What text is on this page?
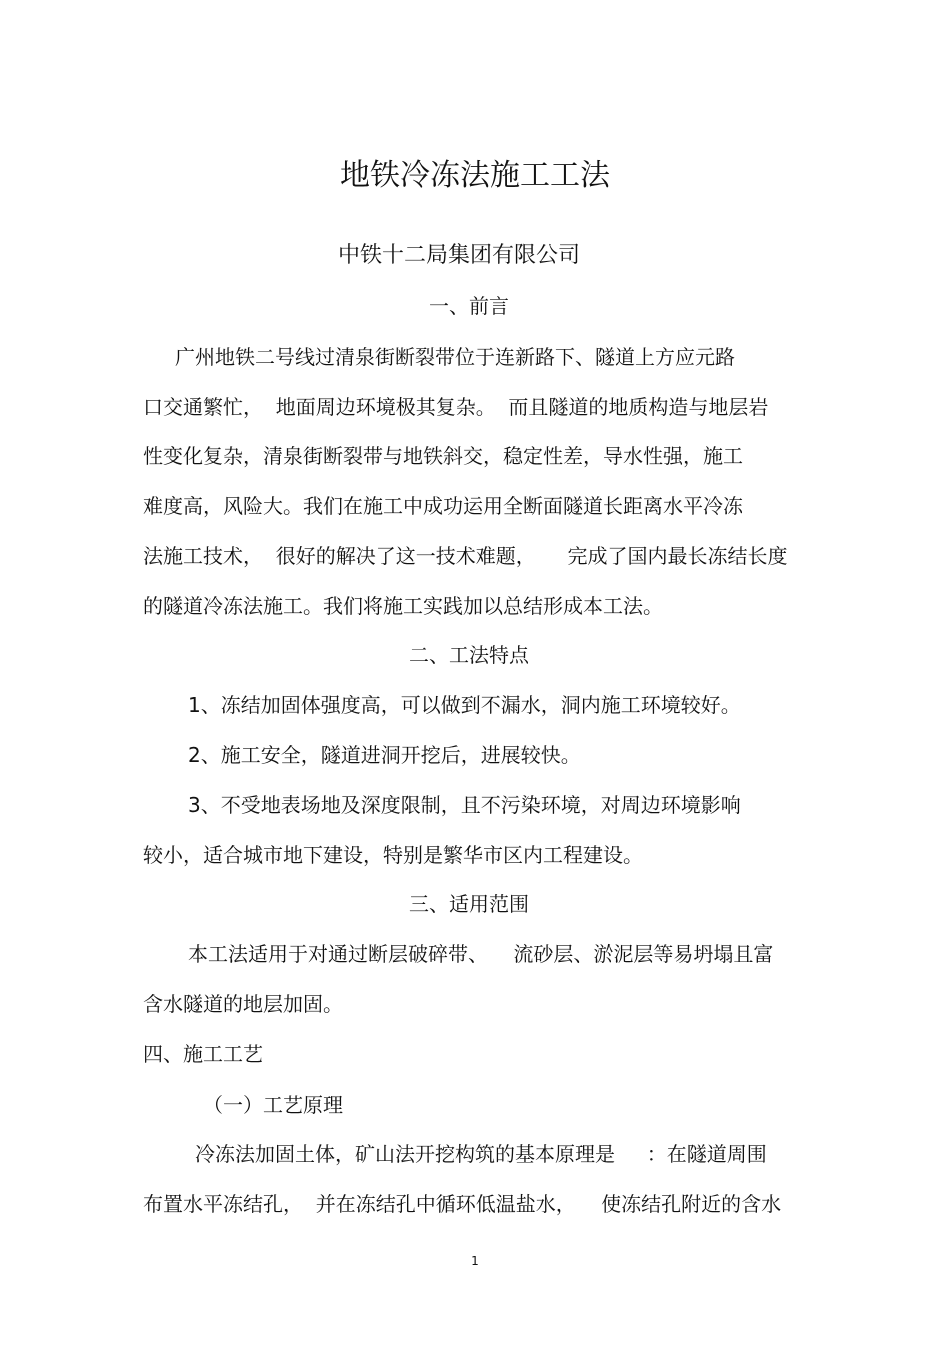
地铁冷冻法施工工法
中铁十二局集团有限公司
一、前言
广州地铁二号线过清泉街断裂带位于连新路下、隧道上方应元路
口交通繁忙，  地面周边环境极其复杂。  而且隧道的地质构造与地层岩
性变化复杂，清泉街断裂带与地铁斜交，稳定性差，导水性强，施工
难度高，风险大。我们在施工中成功运用全断面隧道长距离水平冷冻
法施工技术，  很好的解决了这一技术难题，     完成了国内最长冻结长度
的隧道冷冻法施工。我们将施工实践加以总结形成本工法。
二、工法特点
1、冻结加固体强度高，可以做到不漏水，洞内施工环境较好。
2、施工安全，隧道进洞开挖后，进展较快。
3、不受地表场地及深度限制，且不污染环境，对周边环境影响
较小，适合城市地下建设，特别是繁华市区内工程建设。
三、适用范围
本工法适用于对通过断层破碎带、    流砂层、淤泥层等易坍塌且富
含水隧道的地层加固。
四、施工工艺
（一）工艺原理
冷冻法加固土体，矿山法开挖构筑的基本原理是     ：在隧道周围
布置水平冻结孔，  并在冻结孔中循环低温盐水，    使冻结孔附近的含水
1
